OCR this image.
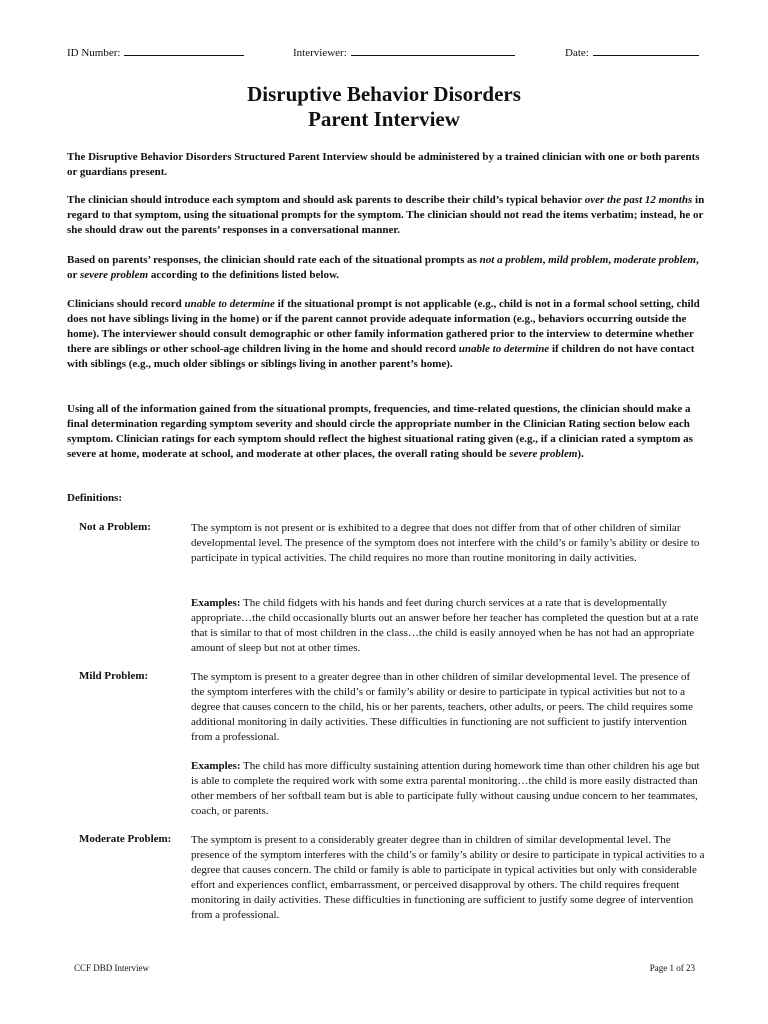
ID Number:	Interviewer:	Date:
Disruptive Behavior Disorders
Parent Interview

The Disruptive Behavior Disorders Structured Parent Interview should be administered by a trained clinician with one or both parents or guardians present.

The clinician should introduce each symptom and should ask parents to describe their child’s typical behavior over the past 12 months in regard to that symptom, using the situational prompts for the symptom. The clinician should not read the items verbatim; instead, he or she should draw out the parents’ responses in a conversational manner.

Based on parents’ responses, the clinician should rate each of the situational prompts as not a problem, mild problem, moderate problem, or severe problem according to the definitions listed below.

Clinicians should record unable to determine if the situational prompt is not applicable (e.g., child is not in a formal school setting, child does not have siblings living in the home) or if the parent cannot provide adequate information (e.g., behaviors occurring outside the home). The interviewer should consult demographic or other family information gathered prior to the interview to determine whether there are siblings or other school-age children living in the home and should record unable to determine if children do not have contact with siblings (e.g., much older siblings or siblings living in another parent’s home).

Using all of the information gained from the situational prompts, frequencies, and time-related questions, the clinician should make a final determination regarding symptom severity and should circle the appropriate number in the Clinician Rating section below each symptom. Clinician ratings for each symptom should reflect the highest situational rating given (e.g., if a clinician rated a symptom as severe at home, moderate at school, and moderate at other places, the overall rating should be severe problem).

Definitions:
Not a Problem:	The symptom is not present or is exhibited to a degree that does not differ from that of other children of similar developmental level. The presence of the symptom does not interfere with the child’s or family’s ability or desire to participate in typical activities. The child requires no more than routine monitoring in daily activities.

Examples: The child fidgets with his hands and feet during church services at a rate that is developmentally appropriate…the child occasionally blurts out an answer before her teacher has completed the question but at a rate that is similar to that of most children in the class…the child is easily annoyed when he has not had an appropriate amount of sleep but not at other times.

Mild Problem:	The symptom is present to a greater degree than in other children of similar developmental level. The presence of the symptom interferes with the child’s or family’s ability or desire to participate in typical activities but not to a degree that causes concern to the child, his or her parents, teachers, other adults, or peers. The child requires some additional monitoring in daily activities. These difficulties in functioning are not sufficient to justify intervention from a professional.

Examples: The child has more difficulty sustaining attention during homework time than other children his age but is able to complete the required work with some extra parental monitoring…the child is more easily distracted than other members of her softball team but is able to participate fully without causing undue concern to her teammates, coach, or parents.

Moderate Problem: The symptom is present to a considerably greater degree than in children of similar developmental level. The presence of the symptom interferes with the child’s or family’s ability or desire to participate in typical activities to a degree that causes concern. The child or family is able to participate in typical activities but only with considerable effort and experiences conflict, embarrassment, or perceived disapproval by others. The child requires frequent monitoring in daily activities. These difficulties in functioning are sufficient to justify some degree of intervention from a professional.

CCF DBD Interview	Page 1 of 23
